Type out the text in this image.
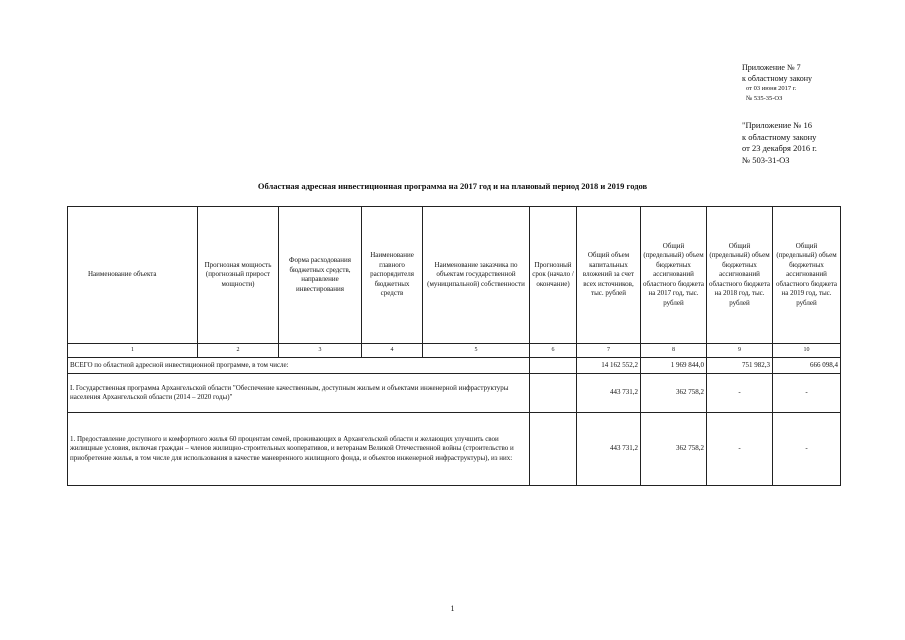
Приложение № 7
к областному закону
от 03 июня 2017 г.
№ 535-35-ОЗ
"Приложение № 16
к областному закону
от 23 декабря 2016 г.
№ 503-31-ОЗ
Областная адресная инвестиционная программа на 2017 год и на плановый период 2018 и 2019 годов
Наименование объекта	Прогнозная мощность (прогнозный прирост мощности)	Форма расходования бюджетных средств, направление инвестирования	Наименование главного распорядителя бюджетных средств	Наименование заказчика по объектам государственной (муниципальной) собственности	Прогнозный срок (начало / окончание)	Общий объем капитальных вложений за счет всех источников, тыс. рублей	Общий (предельный) объем бюджетных ассигнований областного бюджета на 2017 год, тыс. рублей	Общий (предельный) объем бюджетных ассигнований областного бюджета на 2018 год, тыс. рублей	Общий (предельный) объем бюджетных ассигнований областного бюджета на 2019 год, тыс. рублей
1	2	3	4	5	6	7	8	9	10
ВСЕГО по областной адресной инвестиционной программе, в том числе:						14 162 552,2	1 969 844,0	751 982,3	666 098,4
I. Государственная программа Архангельской области "Обеспечение качественным, доступным жильем и объектами инженерной инфраструктуры населения Архангельской области (2014 – 2020 годы)"						443 731,2	362 758,2	-	-
1. Предоставление доступного и комфортного жилья 60 процентам семей, проживающих в Архангельской области и желающих улучшить свои жилищные условия, включая граждан – членов жилищно-строительных кооперативов, и ветеранам Великой Отечественной войны (строительство и приобретение жилья, в том числе для использования в качестве маневренного жилищного фонда, и объектов инженерной инфраструктуры), из них:						443 731,2	362 758,2	-	-
1
